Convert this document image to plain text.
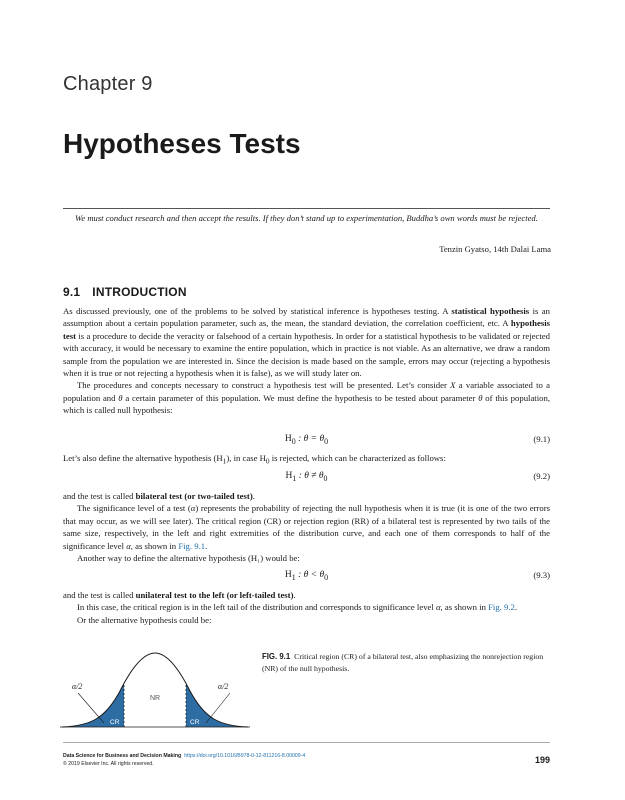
Chapter 9
Hypotheses Tests
We must conduct research and then accept the results. If they don’t stand up to experimentation, Buddha’s own words must be rejected.
Tenzin Gyatso, 14th Dalai Lama
9.1 INTRODUCTION

As discussed previously, one of the problems to be solved by statistical inference is hypotheses testing. A statistical hypothesis is an assumption about a certain population parameter, such as, the mean, the standard deviation, the correlation coefficient, etc. A hypothesis test is a procedure to decide the veracity or falsehood of a certain hypothesis. In order for a statistical hypothesis to be validated or rejected with accuracy, it would be necessary to examine the entire population, which in practice is not viable. As an alternative, we draw a random sample from the population we are interested in. Since the decision is made based on the sample, errors may occur (rejecting a hypothesis when it is true or not rejecting a hypothesis when it is false), as we will study later on.

The procedures and concepts necessary to construct a hypothesis test will be presented. Let’s consider X a variable associated to a population and θ a certain parameter of this population. We must define the hypothesis to be tested about parameter θ of this population, which is called null hypothesis:

$H_0$ : $\theta = \theta_0$	(9.1)

Let’s also define the alternative hypothesis $(H_1)$, in case $H_0$ is rejected, which can be characterized as follows:

$H_1$ : $\theta \ne \theta_0$	(9.2)

and the test is called bilateral test (or two-tailed test).

The significance level of a test (α) represents the probability of rejecting the null hypothesis when it is true (it is one of the two errors that may occur, as we will see later). The critical region (CR) or rejection region (RR) of a bilateral test is represented by two tails of the same size, respectively, in the left and right extremities of the distribution curve, and each one of them corresponds to half of the significance level α, as shown in Fig. 9.1.

Another way to define the alternative hypothesis (H₁) would be:

$H_1$ : $\theta < \theta_0$	(9.3)

and the test is called unilateral test to the left (or left-tailed test).

In this case, the critical region is in the left tail of the distribution and corresponds to significance level α, as shown in Fig. 9.2.

Or the alternative hypothesis could be:

α/2	α/2
NR
CR	CR
FIG. 9.1 Critical region (CR) of a bilateral test, also emphasizing the nonrejection region (NR) of the null hypothesis.
Data Science for Business and Decision Making https://doi.org/10.1016/B978-0-12-811216-8.00009-4
© 2019 Elsevier Inc. All rights reserved.	199
